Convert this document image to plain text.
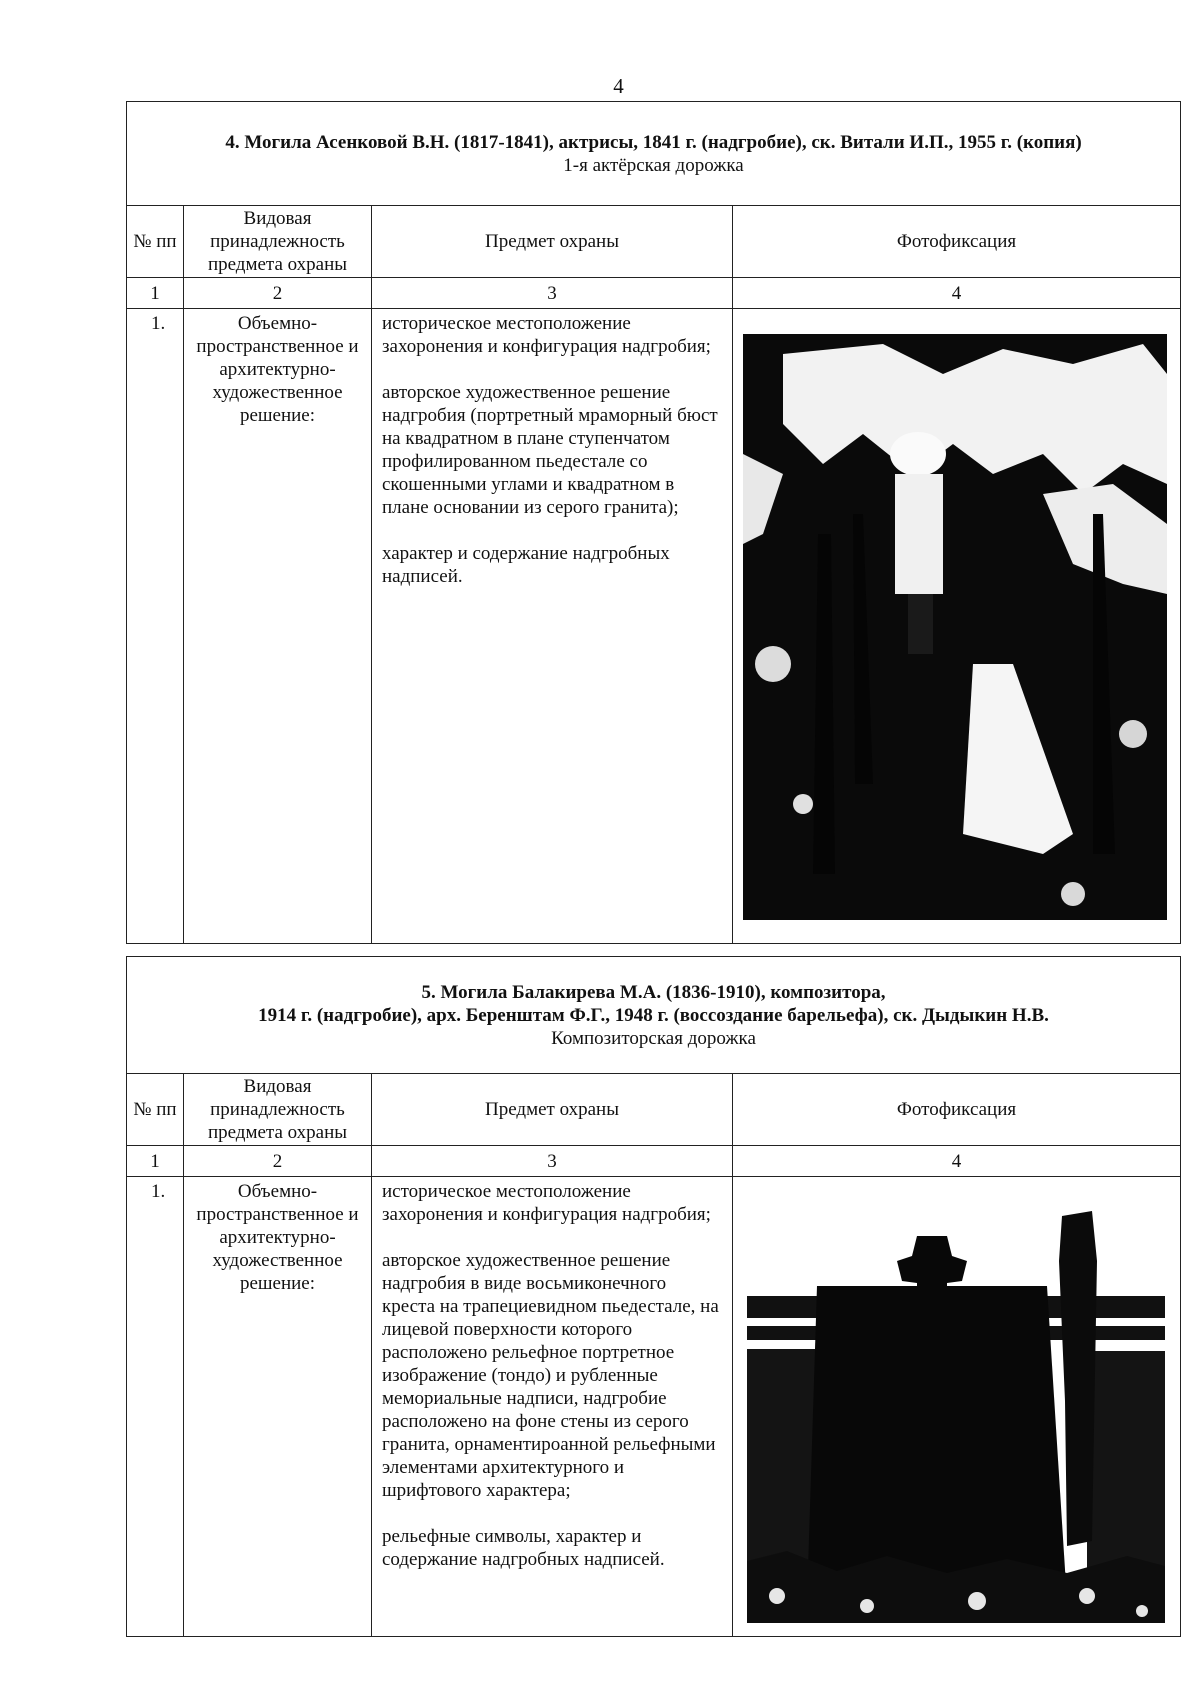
4
4. Могила Асенковой В.Н. (1817-1841), актрисы, 1841 г. (надгробие), ск. Витали И.П., 1955 г. (копия)
1-я актёрская дорожка			

№ пп	Видовая принадлежность предмета охраны	Предмет охраны	Фотофиксация
1	2	3	4
1.	Объемно-пространственное и архитектурно-художественное решение:	историческое местоположение захоронения и конфигурация надгробия;

авторское художественное решение надгробия (портретный мраморный бюст на квадратном в плане ступенчатом профилированном пьедестале со скошенными углами и квадратном в плане основании из серого гранита);

характер и содержание надгробных надписей.

5. Могила Балакирева М.А. (1836-1910), композитора,
1914 г. (надгробие), арх. Беренштам Ф.Г., 1948 г. (воссоздание барельефа), ск. Дыдыкин Н.В.
Композиторская дорожка			

№ пп	Видовая принадлежность предмета охраны	Предмет охраны	Фотофиксация
1	2	3	4
1.	Объемно-пространственное и архитектурно-художественное решение:	историческое местоположение захоронения и конфигурация надгробия;

авторское художественное решение надгробия в виде восьмиконечного креста на трапециевидном пьедестале, на лицевой поверхности которого расположено рельефное портретное изображение (тондо) и рубленные мемориальные надписи, надгробие расположено на фоне стены из серого гранита, орнаментироанной рельефными элементами архитектурного и шрифтового характера;

рельефные символы, характер и содержание надгробных надписей.
